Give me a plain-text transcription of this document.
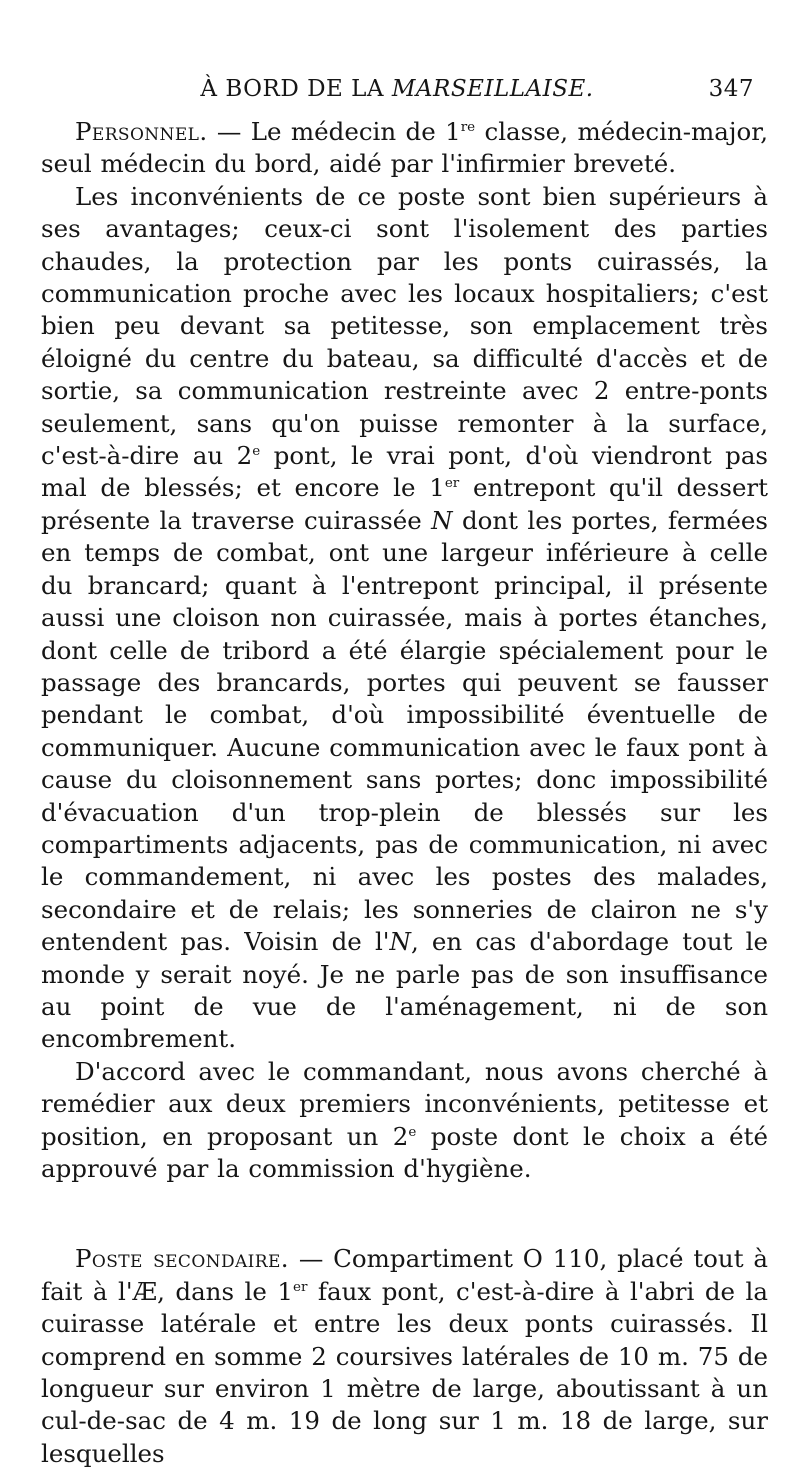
À BORD DE LA MARSEILLAISE.	347

Personnel. — Le médecin de 1re classe, médecin-major, seul médecin du bord, aidé par l'infirmier breveté.

Les inconvénients de ce poste sont bien supérieurs à ses avantages; ceux-ci sont l'isolement des parties chaudes, la protection par les ponts cuirassés, la communication proche avec les locaux hospitaliers; c'est bien peu devant sa petitesse, son emplacement très éloigné du centre du bateau, sa difficulté d'accès et de sortie, sa communication restreinte avec 2 entre-ponts seulement, sans qu'on puisse remonter à la surface, c'est-à-dire au 2e pont, le vrai pont, d'où viendront pas mal de blessés; et encore le 1er entrepont qu'il dessert présente la traverse cuirassée 𝑁 dont les portes, fermées en temps de combat, ont une largeur inférieure à celle du brancard; quant à l'entrepont principal, il présente aussi une cloison non cuirassée, mais à portes étanches, dont celle de tribord a été élargie spécialement pour le passage des brancards, portes qui peuvent se fausser pendant le combat, d'où impossibilité éventuelle de communiquer. Aucune communication avec le faux pont à cause du cloisonnement sans portes; donc impossibilité d'évacuation d'un trop-plein de blessés sur les compartiments adjacents, pas de communication, ni avec le commandement, ni avec les postes des malades, secondaire et de relais; les sonneries de clairon ne s'y entendent pas. Voisin de l'𝑁, en cas d'abordage tout le monde y serait noyé. Je ne parle pas de son insuffisance au point de vue de l'aménagement, ni de son encombrement.

D'accord avec le commandant, nous avons cherché à remédier aux deux premiers inconvénients, petitesse et position, en proposant un 2e poste dont le choix a été approuvé par la commission d'hygiène.

Poste secondaire. — Compartiment O 110, placé tout à fait à l'Æ, dans le 1er faux pont, c'est-à-dire à l'abri de la cuirasse latérale et entre les deux ponts cuirassés. Il comprend en somme 2 coursives latérales de 10 m. 75 de longueur sur environ 1 mètre de large, aboutissant à un cul-de-sac de 4 m. 19 de long sur 1 m. 18 de large, sur lesquelles
